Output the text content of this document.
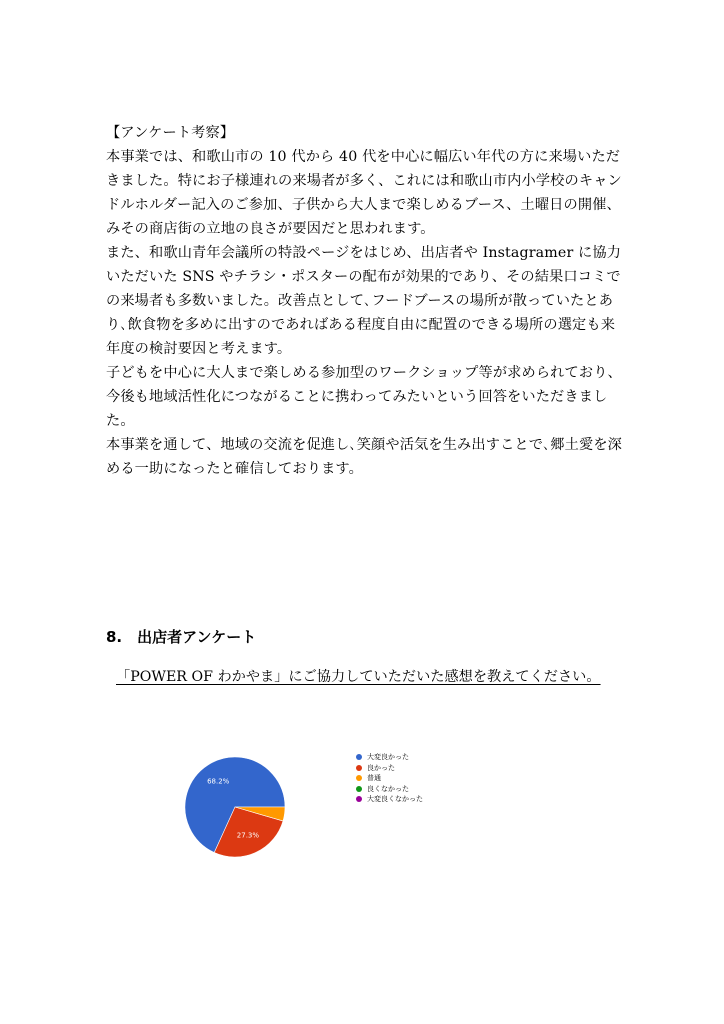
【アンケート考察】

本事業では、和歌山市の 10 代から 40 代を中心に幅広い年代の方に来場いただきました。特にお子様連れの来場者が多く、これには和歌山市内小学校のキャンドルホルダー記入のご参加、子供から大人まで楽しめるブース、土曜日の開催、みその商店街の立地の良さが要因だと思われます。

また、和歌山青年会議所の特設ページをはじめ、出店者や Instagramer に協力いただいた SNS やチラシ・ポスターの配布が効果的であり、その結果口コミでの来場者も多数いました。改善点として､フードブースの場所が散っていたとあり､飲食物を多めに出すのであればある程度自由に配置のできる場所の選定も来年度の検討要因と考えます。

子どもを中心に大人まで楽しめる参加型のワークショップ等が求められており、今後も地域活性化につながることに携わってみたいという回答をいただきました。

本事業を通して、地域の交流を促進し､笑顔や活気を生み出すことで､郷土愛を深める一助になったと確信しております。

8.　出店者アンケート
「POWER OF わかやま」にご協力していただいた感想を教えてください。
68.2%
27.3%
大変良かった
良かった
普通
良くなかった
大変良くなかった
